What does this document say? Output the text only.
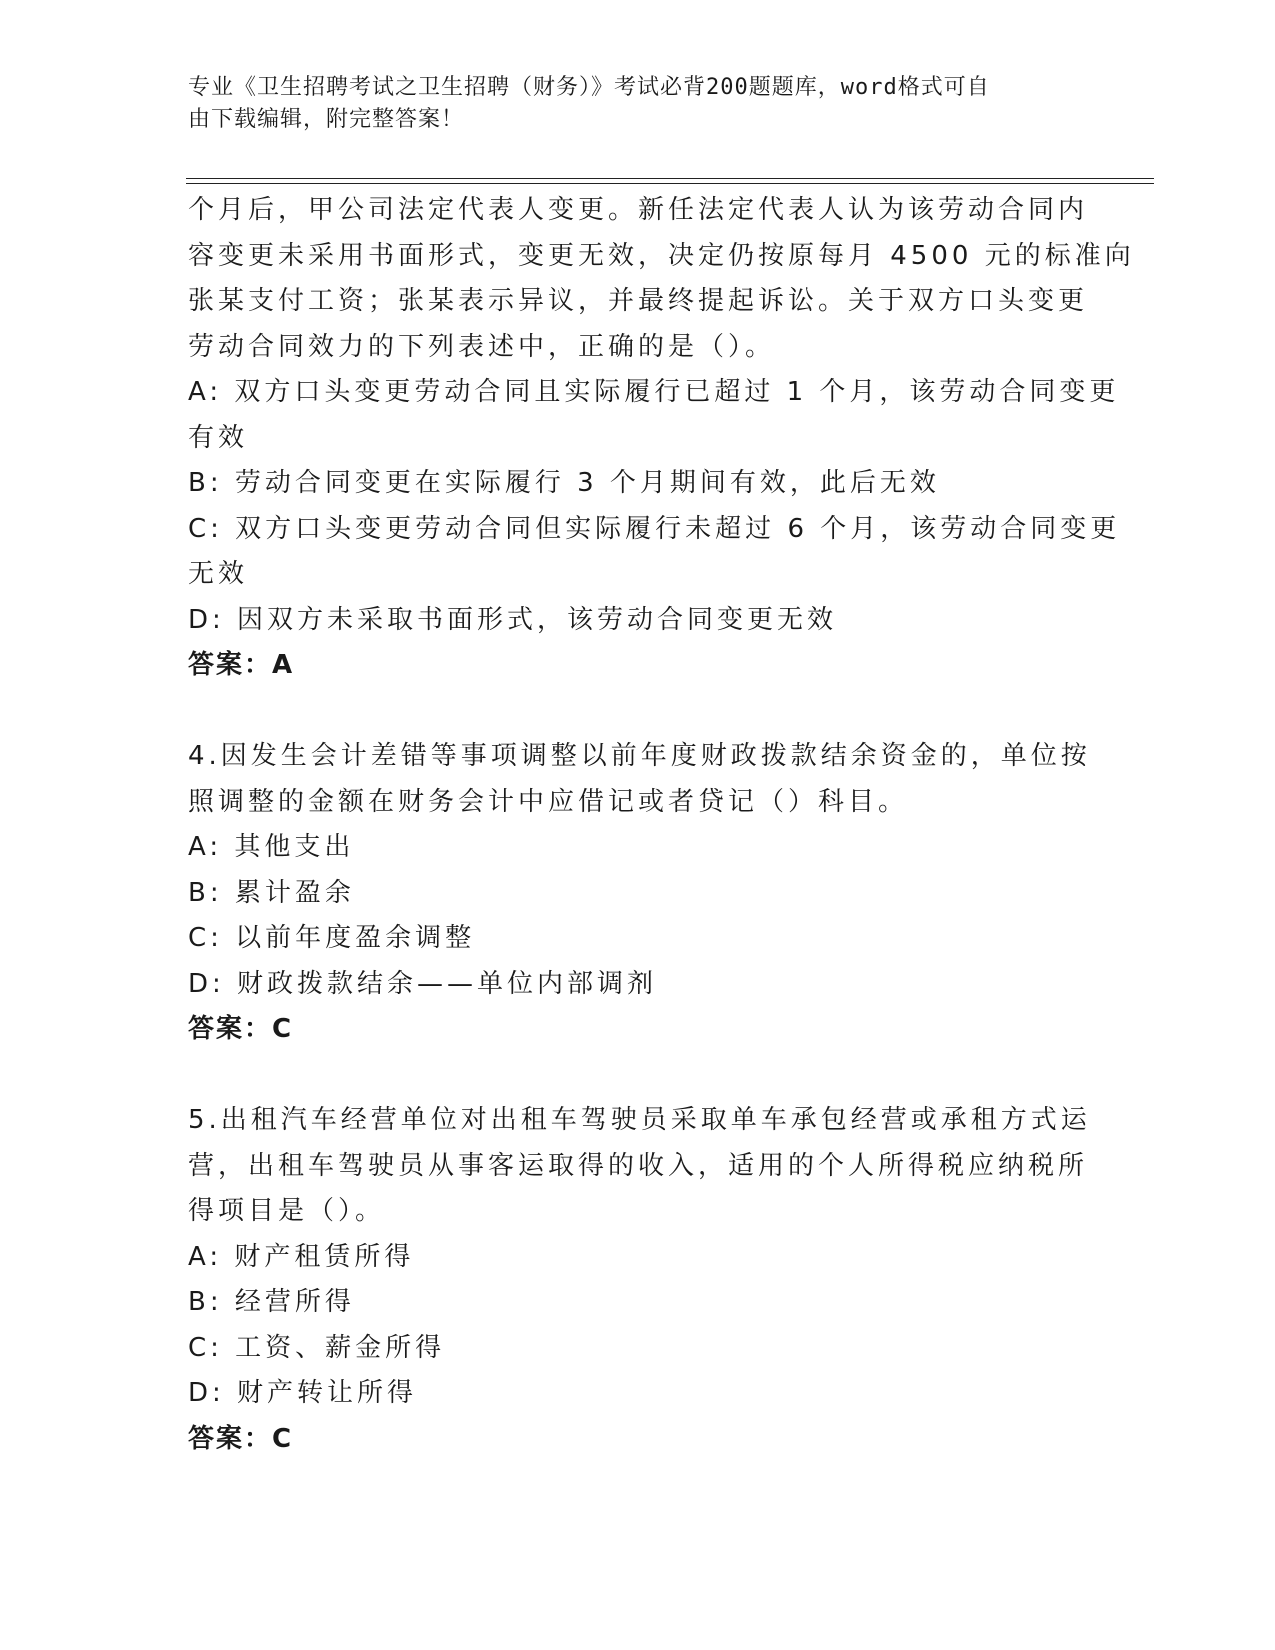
专业《卫生招聘考试之卫生招聘（财务）》考试必背200题题库，word格式可自
由下载编辑，附完整答案！
个月后，甲公司法定代表人变更。新任法定代表人认为该劳动合同内
容变更未采用书面形式，变更无效，决定仍按原每月 4500 元的标准向
张某支付工资；张某表示异议，并最终提起诉讼。关于双方口头变更
劳动合同效力的下列表述中，正确的是（）。
A: 双方口头变更劳动合同且实际履行已超过 1 个月，该劳动合同变更
有效
B: 劳动合同变更在实际履行 3 个月期间有效，此后无效
C: 双方口头变更劳动合同但实际履行未超过 6 个月，该劳动合同变更
无效
D: 因双方未采取书面形式，该劳动合同变更无效
答案：A
4.因发生会计差错等事项调整以前年度财政拨款结余资金的，单位按
照调整的金额在财务会计中应借记或者贷记（）科目。
A: 其他支出
B: 累计盈余
C: 以前年度盈余调整
D: 财政拨款结余——单位内部调剂
答案：C
5.出租汽车经营单位对出租车驾驶员采取单车承包经营或承租方式运
营，出租车驾驶员从事客运取得的收入，适用的个人所得税应纳税所
得项目是（）。
A: 财产租赁所得
B: 经营所得
C: 工资、薪金所得
D: 财产转让所得
答案：C
